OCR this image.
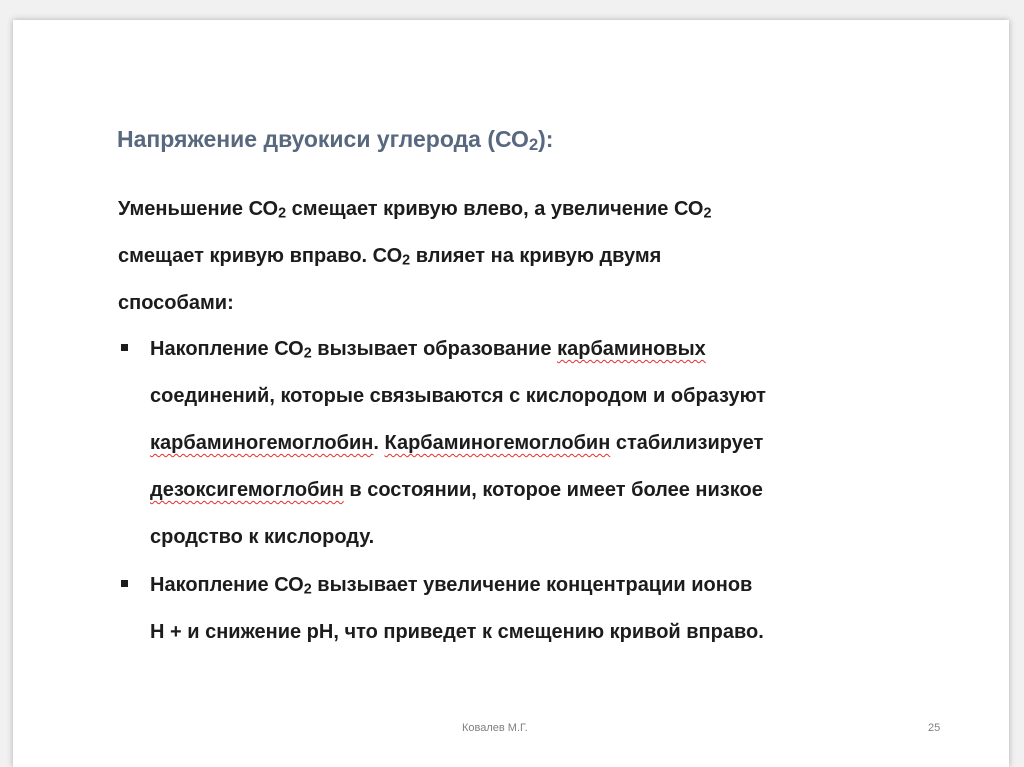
Напряжение двуокиси углерода $(СО_2)$:
Уменьшение $СО_2$ смещает кривую влево, а увеличение $СО_2$
смещает кривую вправо. $СО_2$ влияет на кривую двумя
способами:
Накопление $СО_2$ вызывает образование карбаминовых
соединений, которые связываются с кислородом и образуют
карбаминогемоглобин. Карбаминогемоглобин стабилизирует
дезоксигемоглобин в состоянии, которое имеет более низкое
сродство к кислороду.
Накопление $СО_2$ вызывает увеличение концентрации ионов
Н + и снижение рН, что приведет к смещению кривой вправо.
Ковалев М.Г.	25
